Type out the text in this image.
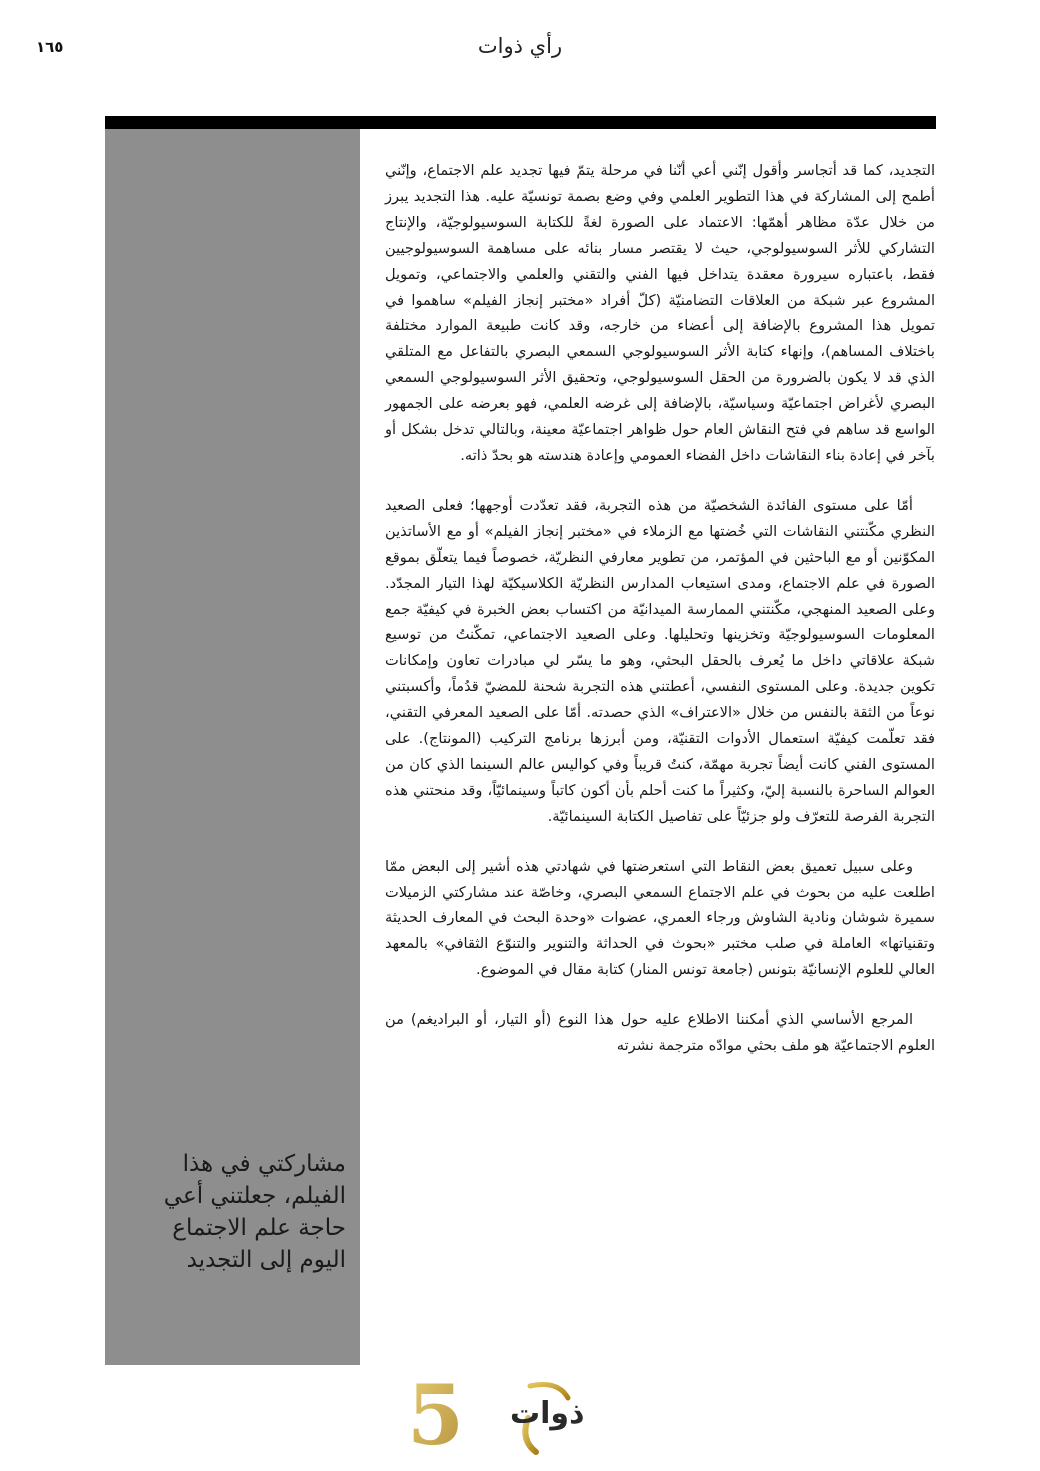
١٦٥	رأي ذوات
مشاركتي في هذا الفيلم، جعلتني أعي حاجة علم الاجتماع اليوم إلى التجديد

التجديد، كما قد أتجاسر وأقول إنّني أعي أنّنا في مرحلة يتمّ فيها تجديد علم الاجتماع، وإنّني أطمح إلى المشاركة في هذا التطوير العلمي وفي وضع بصمة تونسيّة عليه. هذا التجديد يبرز من خلال عدّة مظاهر أهمّها: الاعتماد على الصورة لغةً للكتابة السوسيولوجيّة، والإنتاج التشاركي للأثر السوسيولوجي، حيث لا يقتصر مسار بنائه على مساهمة السوسيولوجيين فقط، باعتباره سيرورة معقدة يتداخل فيها الفني والتقني والعلمي والاجتماعي، وتمويل المشروع عبر شبكة من العلاقات التضامنيّة (كلّ أفراد «مختبر إنجاز الفيلم» ساهموا في تمويل هذا المشروع بالإضافة إلى أعضاء من خارجه، وقد كانت طبيعة الموارد مختلفة باختلاف المساهم)، وإنهاء كتابة الأثر السوسيولوجي السمعي البصري بالتفاعل مع المتلقي الذي قد لا يكون بالضرورة من الحقل السوسيولوجي، وتحقيق الأثر السوسيولوجي السمعي البصري لأغراض اجتماعيّة وسياسيّة، بالإضافة إلى غرضه العلمي، فهو بعرضه على الجمهور الواسع قد ساهم في فتح النقاش العام حول ظواهر اجتماعيّة معينة، وبالتالي تدخل بشكل أو بآخر في إعادة بناء النقاشات داخل الفضاء العمومي وإعادة هندسته هو بحدّ ذاته.

أمّا على مستوى الفائدة الشخصيّة من هذه التجربة، فقد تعدّدت أوجهها؛ فعلى الصعيد النظري مكّنتني النقاشات التي خُضتها مع الزملاء في «مختبر إنجاز الفيلم» أو مع الأساتذين المكوّنين أو مع الباحثين في المؤتمر، من تطوير معارفي النظريّة، خصوصاً فيما يتعلّق بموقع الصورة في علم الاجتماع، ومدى استيعاب المدارس النظريّة الكلاسيكيّة لهذا التيار المجدّد. وعلى الصعيد المنهجي، مكّنتني الممارسة الميدانيّة من اكتساب بعض الخبرة في كيفيّة جمع المعلومات السوسيولوجيّة وتخزينها وتحليلها. وعلى الصعيد الاجتماعي، تمكّنتُ من توسيع شبكة علاقاتي داخل ما يُعرف بالحقل البحثي، وهو ما يسّر لي مبادرات تعاون وإمكانات تكوين جديدة. وعلى المستوى النفسي، أعطتني هذه التجربة شحنة للمضيّ قدُماً، وأكسبتني نوعاً من الثقة بالنفس من خلال «الاعتراف» الذي حصدته. أمّا على الصعيد المعرفي التقني، فقد تعلّمت كيفيّة استعمال الأدوات التقنيّة، ومن أبرزها برنامج التركيب (المونتاج). على المستوى الفني كانت أيضاً تجربة مهمّة، كنتُ قريباً وفي كواليس عالم السينما الذي كان من العوالم الساحرة بالنسبة إليّ، وكثيراً ما كنت أحلم بأن أكون كاتباً وسينمائيّاً، وقد منحتني هذه التجربة الفرصة للتعرّف ولو جزئيّاً على تفاصيل الكتابة السينمائيّة.

وعلى سبيل تعميق بعض النقاط التي استعرضتها في شهادتي هذه أشير إلى البعض ممّا اطلعت عليه من بحوث في علم الاجتماع السمعي البصري، وخاصّة عند مشاركتي الزميلات سميرة شوشان ونادية الشاوش ورجاء العمري، عضوات «وحدة البحث في المعارف الحديثة وتقنياتها» العاملة في صلب مختبر «بحوث في الحداثة والتنوير والتنوّع الثقافي» بالمعهد العالي للعلوم الإنسانيّة بتونس (جامعة تونس المنار) كتابة مقال في الموضوع.

المرجع الأساسي الذي أمكننا الاطلاع عليه حول هذا النوع (أو التيار، أو البراديغم) من العلوم الاجتماعيّة هو ملف بحثي موادّه مترجمة نشرته

5 ذوات
